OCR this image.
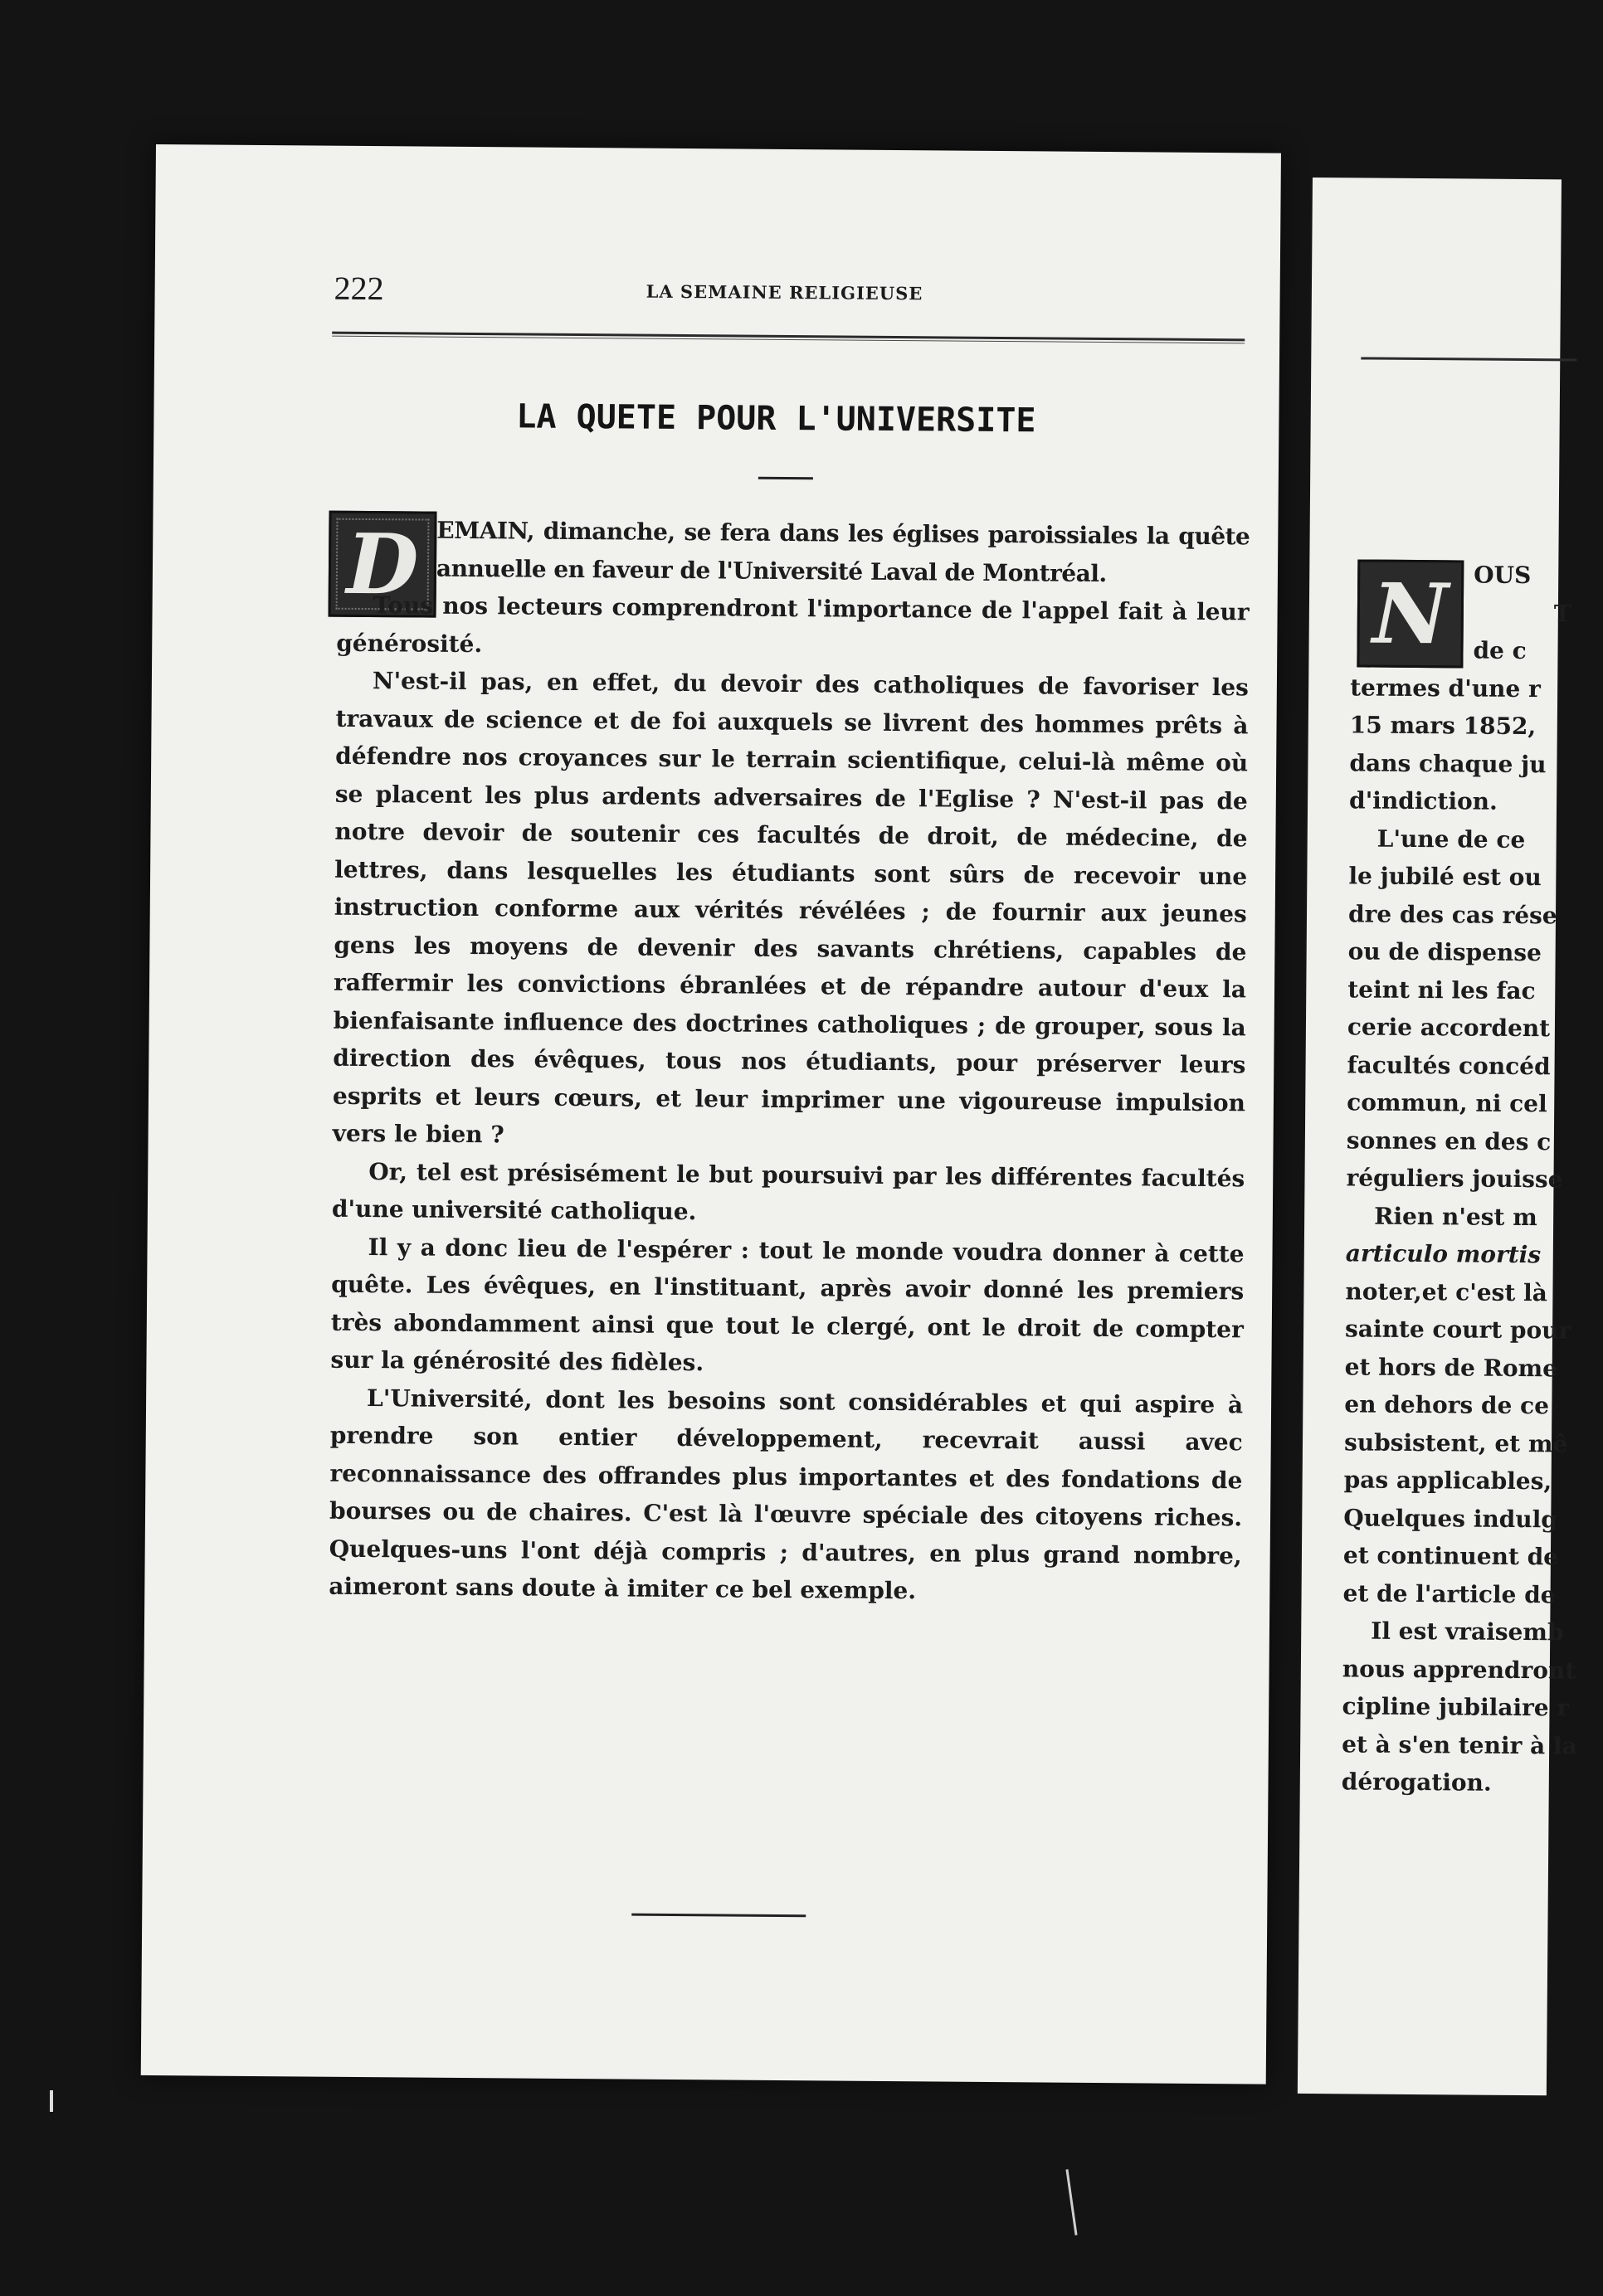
222	LA SEMAINE RELIGIEUSE
LA QUETE POUR L'UNIVERSITE
D EMAIN, dimanche, se fera dans les églises paroissiales la quête annuelle en faveur de l'Université Laval de Montréal.

Tous nos lecteurs comprendront l'importance de l'appel fait à leur générosité.

N'est-il pas, en effet, du devoir des catholiques de favoriser les travaux de science et de foi auxquels se livrent des hommes prêts à défendre nos croyances sur le terrain scientifique, celui-là même où se placent les plus ardents adversaires de l'Eglise ? N'est-il pas de notre devoir de soutenir ces facultés de droit, de médecine, de lettres, dans lesquelles les étudiants sont sûrs de recevoir une instruction conforme aux vérités révélées ; de fournir aux jeunes gens les moyens de devenir des savants chrétiens, capables de raffermir les convictions ébranlées et de répandre autour d'eux la bienfaisante influence des doctrines catholiques ; de grouper, sous la direction des évêques, tous nos étudiants, pour préserver leurs esprits et leurs cœurs, et leur imprimer une vigoureuse impulsion vers le bien ?

Or, tel est présisément le but poursuivi par les différentes facultés d'une université catholique.

Il y a donc lieu de l'espérer : tout le monde voudra donner à cette quête. Les évêques, en l'instituant, après avoir donné les premiers très abondamment ainsi que tout le clergé, ont le droit de compter sur la générosité des fidèles.

L'Université, dont les besoins sont considérables et qui aspire à prendre son entier développement, recevrait aussi avec reconnaissance des offrandes plus importantes et des fondations de bourses ou de chaires. C'est là l'œuvre spéciale des citoyens riches. Quelques-uns l'ont déjà compris ; d'autres, en plus grand nombre, aimeront sans doute à imiter ce bel exemple.

N	OUS
T
de c
termes d'une r
15 mars 1852,
dans chaque ju
d'indiction.
L'une de ce
le jubilé est ou
dre des cas rése
ou de dispense
teint ni les fac
cerie accordent
facultés concéd
commun, ni cel
sonnes en des c
réguliers jouisse
Rien n'est m
articulo mortis
noter,et c'est là
sainte court pour
et hors de Rome
en dehors de ce
subsistent, et mê
pas applicables,
Quelques indulg
et continuent de
et de l'article de
Il est vraisemb
nous apprendront
cipline jubilaire r
et à s'en tenir à la
dérogation.
